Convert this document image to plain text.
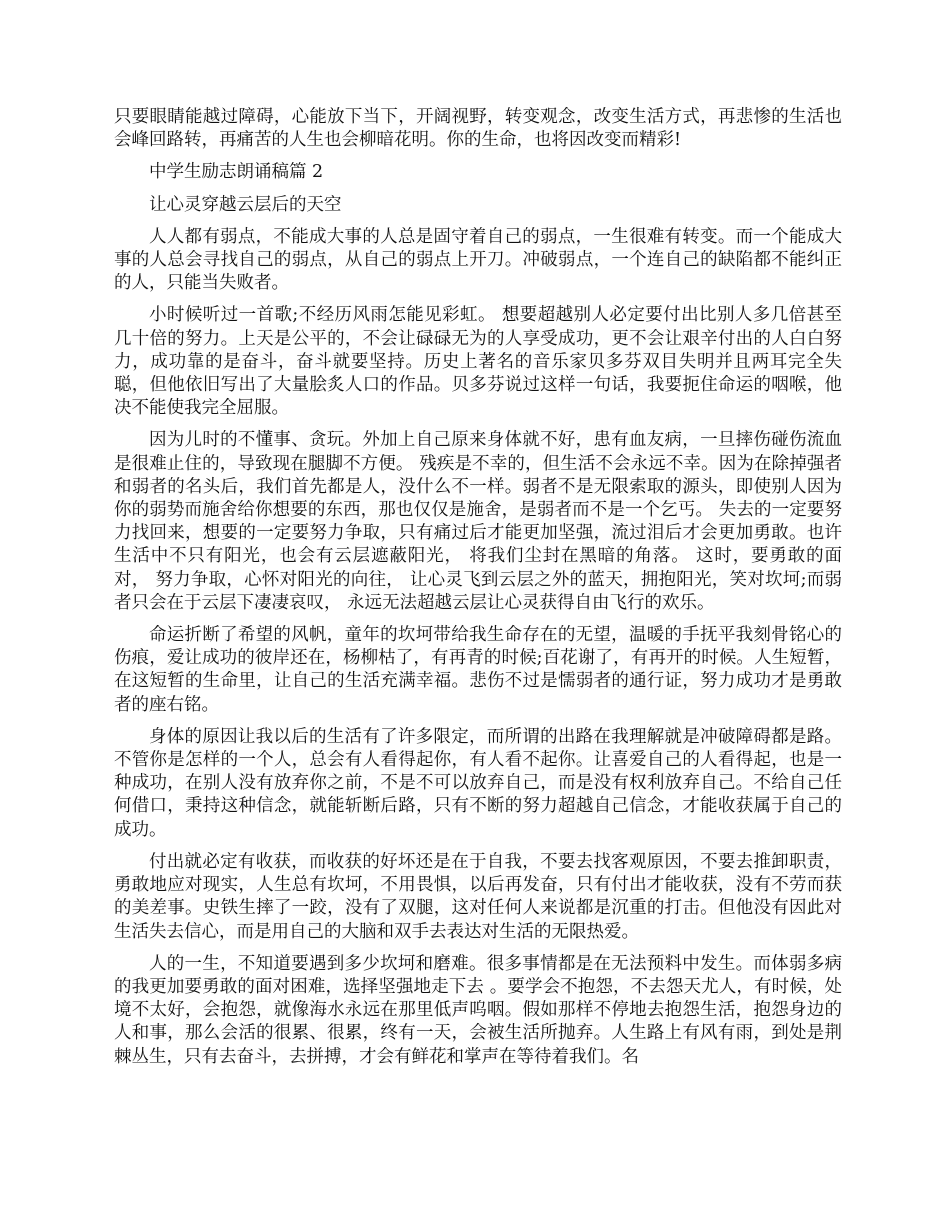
只要眼睛能越过障碍，心能放下当下，开阔视野，转变观念，改变生活方式，再悲惨的生活也会峰回路转，再痛苦的人生也会柳暗花明。你的生命，也将因改变而精彩!

中学生励志朗诵稿篇 2

让心灵穿越云层后的天空

人人都有弱点，不能成大事的人总是固守着自己的弱点，一生很难有转变。而一个能成大事的人总会寻找自己的弱点，从自己的弱点上开刀。冲破弱点，一个连自己的缺陷都不能纠正的人，只能当失败者。

小时候听过一首歌;不经历风雨怎能见彩虹。 想要超越别人必定要付出比别人多几倍甚至几十倍的努力。上天是公平的，不会让碌碌无为的人享受成功，更不会让艰辛付出的人白白努力，成功靠的是奋斗，奋斗就要坚持。历史上著名的音乐家贝多芬双目失明并且两耳完全失聪，但他依旧写出了大量脍炙人口的作品。贝多芬说过这样一句话，我要扼住命运的咽喉，他决不能使我完全屈服。

因为儿时的不懂事、贪玩。外加上自己原来身体就不好，患有血友病，一旦摔伤碰伤流血是很难止住的，导致现在腿脚不方便。 残疾是不幸的，但生活不会永远不幸。因为在除掉强者和弱者的名头后，我们首先都是人，没什么不一样。弱者不是无限索取的源头，即使别人因为你的弱势而施舍给你想要的东西，那也仅仅是施舍，是弱者而不是一个乞丐。 失去的一定要努力找回来，想要的一定要努力争取，只有痛过后才能更加坚强，流过泪后才会更加勇敢。也许生活中不只有阳光，也会有云层遮蔽阳光， 将我们尘封在黑暗的角落。 这时，要勇敢的面对， 努力争取，心怀对阳光的向往， 让心灵飞到云层之外的蓝天，拥抱阳光，笑对坎坷;而弱者只会在于云层下凄凄哀叹， 永远无法超越云层让心灵获得自由飞行的欢乐。

命运折断了希望的风帆，童年的坎坷带给我生命存在的无望，温暖的手抚平我刻骨铭心的伤痕，爱让成功的彼岸还在，杨柳枯了，有再青的时候;百花谢了，有再开的时候。人生短暂，在这短暂的生命里，让自己的生活充满幸福。悲伤不过是懦弱者的通行证，努力成功才是勇敢者的座右铭。

身体的原因让我以后的生活有了许多限定，而所谓的出路在我理解就是冲破障碍都是路。不管你是怎样的一个人，总会有人看得起你，有人看不起你。让喜爱自己的人看得起，也是一种成功，在别人没有放弃你之前，不是不可以放弃自己，而是没有权利放弃自己。不给自己任何借口，秉持这种信念，就能斩断后路，只有不断的努力超越自己信念，才能收获属于自己的成功。

付出就必定有收获，而收获的好坏还是在于自我，不要去找客观原因，不要去推卸职责，勇敢地应对现实，人生总有坎坷，不用畏惧，以后再发奋，只有付出才能收获，没有不劳而获的美差事。史铁生摔了一跤，没有了双腿，这对任何人来说都是沉重的打击。但他没有因此对生活失去信心，而是用自己的大脑和双手去表达对生活的无限热爱。

人的一生，不知道要遇到多少坎坷和磨难。很多事情都是在无法预料中发生。而体弱多病的我更加要勇敢的面对困难，选择坚强地走下去 。要学会不抱怨，不去怨天尤人，有时候，处境不太好，会抱怨，就像海水永远在那里低声呜咽。假如那样不停地去抱怨生活，抱怨身边的人和事，那么会活的很累、很累，终有一天，会被生活所抛弃。人生路上有风有雨，到处是荆棘丛生，只有去奋斗，去拼搏，才会有鲜花和掌声在等待着我们。名
